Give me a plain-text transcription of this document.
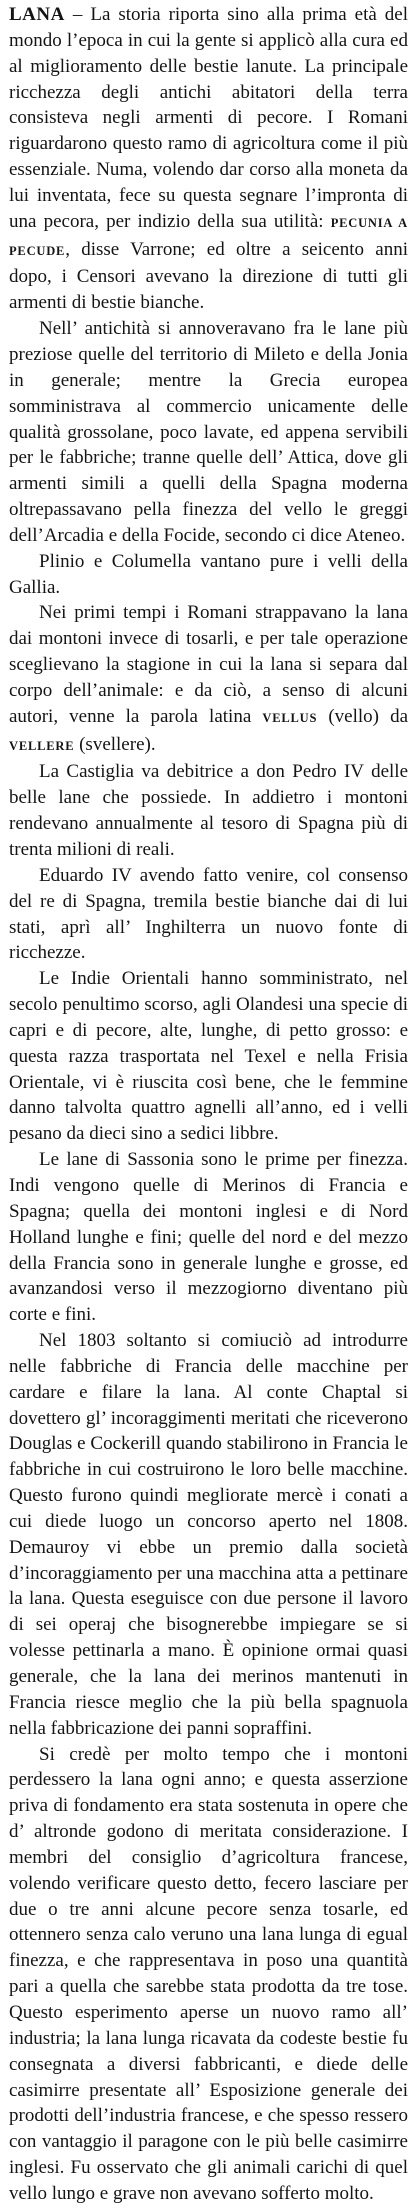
LANA – La storia riporta sino alla prima età del mondo l’epoca in cui la gente si applicò alla cura ed al miglioramento delle bestie lanute. La principale ricchezza degli antichi abitatori della terra consisteva negli armenti di pecore. I Romani riguardarono questo ramo di agricoltura come il più essenziale. Numa, volendo dar corso alla moneta da lui inventata, fece su questa segnare l’impronta di una pecora, per indizio della sua utilità: PECUNIA A PECUDE, disse Varrone; ed oltre a seicento anni dopo, i Censori avevano la direzione di tutti gli armenti di bestie bianche.

Nell’ antichità si annoveravano fra le lane più preziose quelle del territorio di Mileto e della Jonia in generale; mentre la Grecia europea somministrava al commercio unicamente delle qualità grossolane, poco lavate, ed appena servibili per le fabbriche; tranne quelle dell’ Attica, dove gli armenti simili a quelli della Spagna moderna oltrepassavano pella finezza del vello le greggi dell’Arcadia e della Focide, secondo ci dice Ateneo.

Plinio e Columella vantano pure i velli della Gallia.

Nei primi tempi i Romani strappavano la lana dai montoni invece di tosarli, e per tale operazione sceglievano la stagione in cui la lana si separa dal corpo dell’animale: e da ciò, a senso di alcuni autori, venne la parola latina VELLUS (vello) da VELLERE (svellere).

La Castiglia va debitrice a don Pedro IV delle belle lane che possiede. In addietro i montoni rendevano annualmente al tesoro di Spagna più di trenta milioni di reali.

Eduardo IV avendo fatto venire, col consenso del re di Spagna, tremila bestie bianche dai di lui stati, aprì all’ Inghilterra un nuovo fonte di ricchezze.

Le Indie Orientali hanno somministrato, nel secolo penultimo scorso, agli Olandesi una specie di capri e di pecore, alte, lunghe, di petto grosso: e questa razza trasportata nel Texel e nella Frisia Orientale, vi è riuscita così bene, che le femmine danno talvolta quattro agnelli all’anno, ed i velli pesano da dieci sino a sedici libbre.

Le lane di Sassonia sono le prime per finezza. Indi vengono quelle di Merinos di Francia e Spagna; quella dei montoni inglesi e di Nord Holland lunghe e fini; quelle del nord e del mezzo della Francia sono in generale lunghe e grosse, ed avanzandosi verso il mezzogiorno diventano più corte e fini.

Nel 1803 soltanto si comiuciò ad introdurre nelle fabbriche di Francia delle macchine per cardare e filare la lana. Al conte Chaptal si dovettero gl’ incoraggimenti meritati che riceverono Douglas e Cockerill quando stabilirono in Francia le fabbriche in cui costruirono le loro belle macchine. Questo furono quindi megliorate mercè i conati a cui diede luogo un concorso aperto nel 1808. Demauroy vi ebbe un premio dalla società d’incoraggiamento per una macchina atta a pettinare la lana. Questa eseguisce con due persone il lavoro di sei operaj che bisognerebbe impiegare se si volesse pettinarla a mano. È opinione ormai quasi generale, che la lana dei merinos mantenuti in Francia riesce meglio che la più bella spagnuola nella fabbricazione dei panni sopraffini.

Si credè per molto tempo che i montoni perdessero la lana ogni anno; e questa asserzione priva di fondamento era stata sostenuta in opere che d’ altronde godono di meritata considerazione. I membri del consiglio d’agricoltura francese, volendo verificare questo detto, fecero lasciare per due o tre anni alcune pecore senza tosarle, ed ottennero senza calo veruno una lana lunga di egual finezza, e che rappresentava in poso una quantità pari a quella che sarebbe stata prodotta da tre tose. Questo esperimento aperse un nuovo ramo all’ industria; la lana lunga ricavata da codeste bestie fu consegnata a diversi fabbricanti, e diede delle casimirre presentate all’ Esposizione generale dei prodotti dell’industria francese, e che spesso ressero con vantaggio il paragone con le più belle casimirre inglesi. Fu osservato che gli animali carichi di quel vello lungo e grave non avevano sofferto molto.
